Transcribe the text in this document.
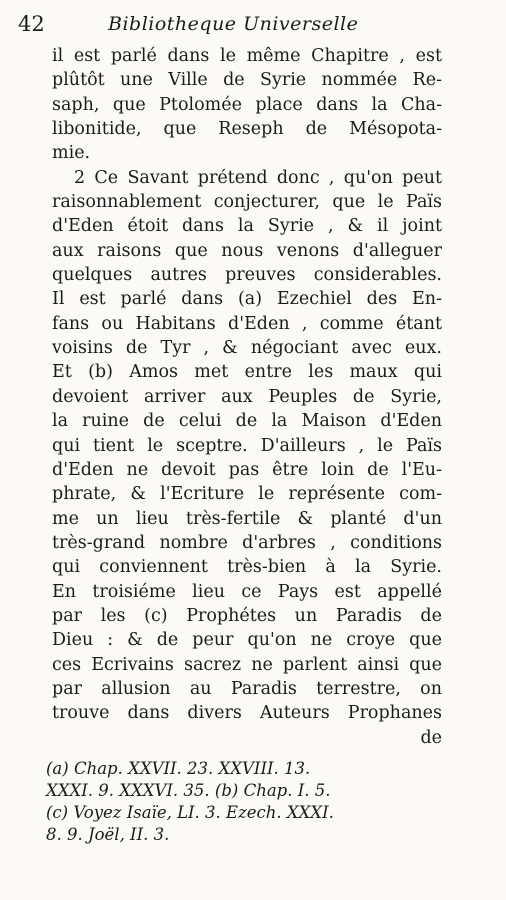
42	Bibliotheque Universelle
il est parlé dans le même Chapitre , est
plûtôt une Ville de Syrie nommée Re-
saph, que Ptolomée place dans la Cha-
libonitide, que Reseph de Mésopota-
mie.
2 Ce Savant prétend donc , qu'on peut
raisonnablement conjecturer, que le Païs
d'Eden étoit dans la Syrie , & il joint
aux raisons que nous venons d'alleguer
quelques autres preuves considerables.
Il est parlé dans (a) Ezechiel des En-
fans ou Habitans d'Eden , comme étant
voisins de Tyr , & négociant avec eux.
Et (b) Amos met entre les maux qui
devoient arriver aux Peuples de Syrie,
la ruine de celui de la Maison d'Eden
qui tient le sceptre. D'ailleurs , le Païs
d'Eden ne devoit pas être loin de l'Eu-
phrate, & l'Ecriture le représente com-
me un lieu très-fertile & planté d'un
très-grand nombre d'arbres , conditions
qui conviennent très-bien à la Syrie.
En troisiéme lieu ce Pays est appellé
par les (c) Prophétes un Paradis de
Dieu : & de peur qu'on ne croye que
ces Ecrivains sacrez ne parlent ainsi que
par allusion au Paradis terrestre, on
trouve dans divers Auteurs Prophanes
de
(a) Chap. XXVII. 23. XXVIII. 13.
XXXI. 9. XXXVI. 35. (b) Chap. I. 5.
(c) Voyez Isaïe, LI. 3. Ezech. XXXI.
8. 9. Joël, II. 3.
